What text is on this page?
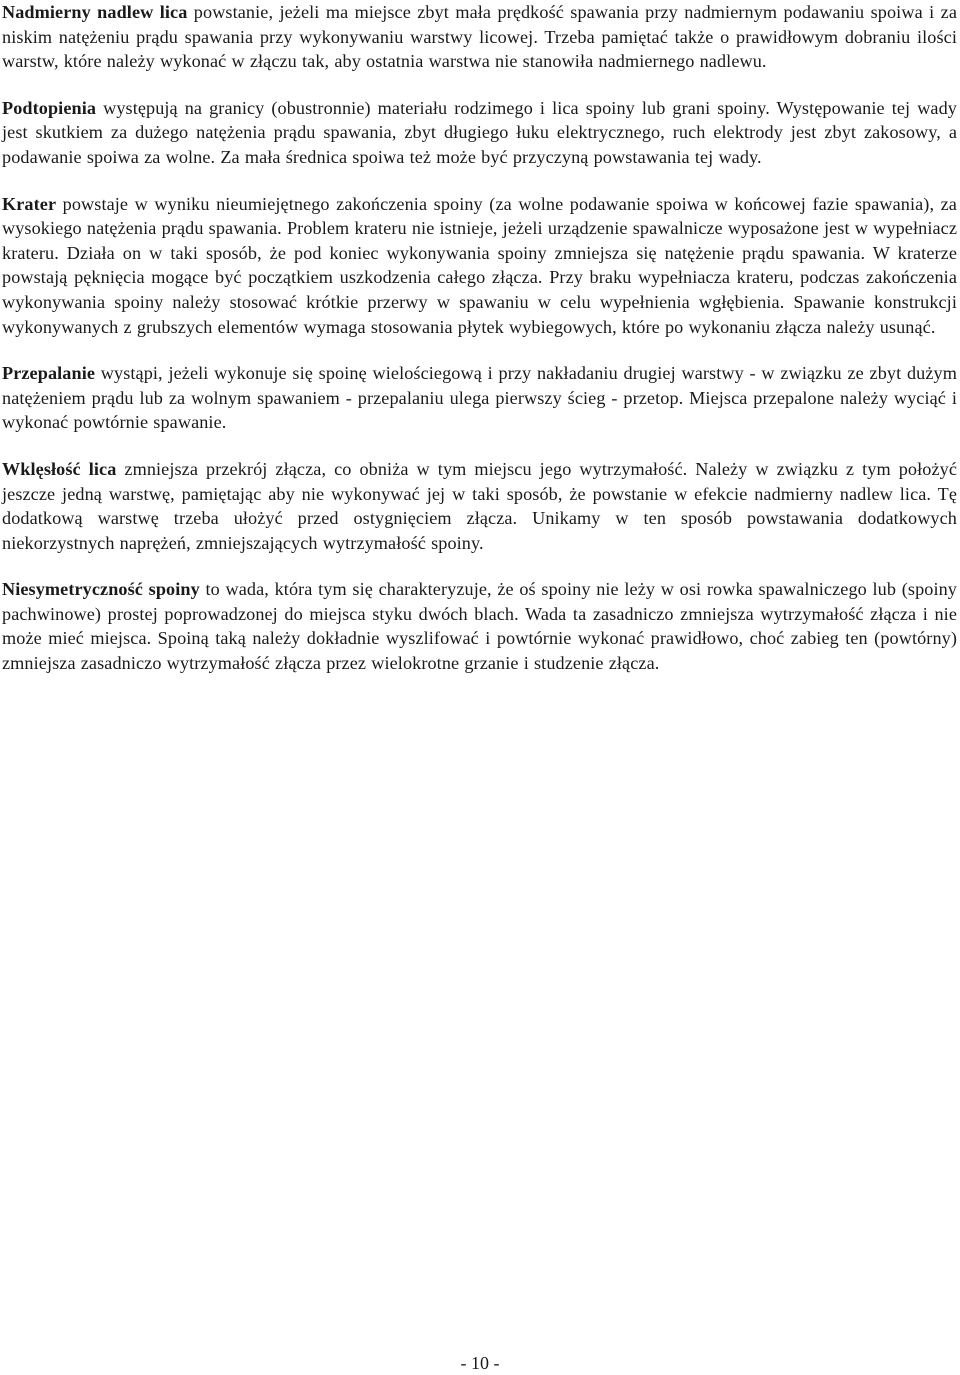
Nadmierny nadlew lica powstanie, jeżeli ma miejsce zbyt mała prędkość spawania przy nadmiernym podawaniu spoiwa i za niskim natężeniu prądu spawania przy wykonywaniu warstwy licowej. Trzeba pamiętać także o prawidłowym dobraniu ilości warstw, które należy wykonać w złączu tak, aby ostatnia warstwa nie stanowiła nadmiernego nadlewu.

Podtopienia występują na granicy (obustronnie) materiału rodzimego i lica spoiny lub grani spoiny. Występowanie tej wady jest skutkiem za dużego natężenia prądu spawania, zbyt długiego łuku elektrycznego, ruch elektrody jest zbyt zakosowy, a podawanie spoiwa za wolne. Za mała średnica spoiwa też może być przyczyną powstawania tej wady.

Krater powstaje w wyniku nieumiejętnego zakończenia spoiny (za wolne podawanie spoiwa w końcowej fazie spawania), za wysokiego natężenia prądu spawania. Problem krateru nie istnieje, jeżeli urządzenie spawalnicze wyposażone jest w wypełniacz krateru. Działa on w taki sposób, że pod koniec wykonywania spoiny zmniejsza się natężenie prądu spawania. W kraterze powstają pęknięcia mogące być początkiem uszkodzenia całego złącza. Przy braku wypełniacza krateru, podczas zakończenia wykonywania spoiny należy stosować krótkie przerwy w spawaniu w celu wypełnienia wgłębienia. Spawanie konstrukcji wykonywanych z grubszych elementów wymaga stosowania płytek wybiegowych, które po wykonaniu złącza należy usunąć.

Przepalanie wystąpi, jeżeli wykonuje się spoinę wielościegową i przy nakładaniu drugiej warstwy - w związku ze zbyt dużym natężeniem prądu lub za wolnym spawaniem - przepalaniu ulega pierwszy ścieg - przetop. Miejsca przepalone należy wyciąć i wykonać powtórnie spawanie.

Wklęsłość lica zmniejsza przekrój złącza, co obniża w tym miejscu jego wytrzymałość. Należy w związku z tym położyć jeszcze jedną warstwę, pamiętając aby nie wykonywać jej w taki sposób, że powstanie w efekcie nadmierny nadlew lica. Tę dodatkową warstwę trzeba ułożyć przed ostygnięciem złącza. Unikamy w ten sposób powstawania dodatkowych niekorzystnych naprężeń, zmniejszających wytrzymałość spoiny.

Niesymetryczność spoiny to wada, która tym się charakteryzuje, że oś spoiny nie leży w osi rowka spawalniczego lub (spoiny pachwinowe) prostej poprowadzonej do miejsca styku dwóch blach. Wada ta zasadniczo zmniejsza wytrzymałość złącza i nie może mieć miejsca. Spoiną taką należy dokładnie wyszlifować i powtórnie wykonać prawidłowo, choć zabieg ten (powtórny) zmniejsza zasadniczo wytrzymałość złącza przez wielokrotne grzanie i studzenie złącza.

- 10 -
